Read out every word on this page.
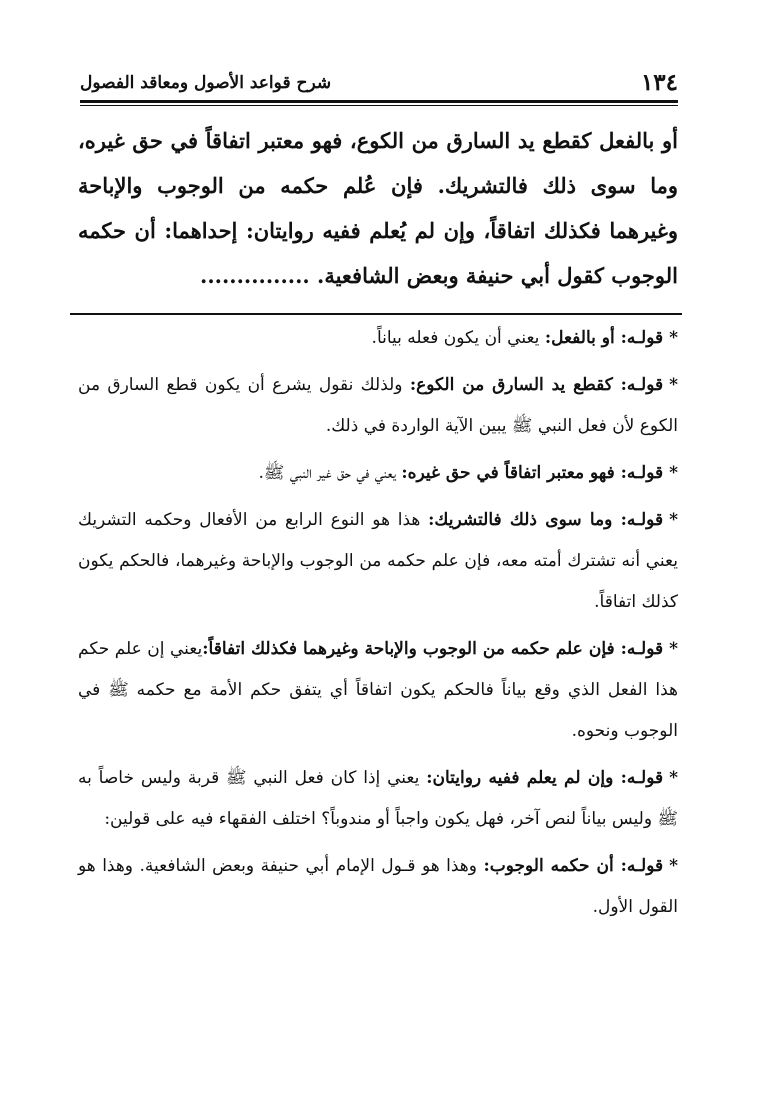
١٣٤
شرح قواعد الأصول ومعاقد الفصول

أو بالفعل كقطع يد السارق من الكوع، فهو معتبر اتفاقاً في حق غيره، وما سوى ذلك فالتشريك. فإن عُلم حكمه من الوجوب والإباحة وغيرهما فكذلك اتفاقاً، وإن لم يُعلم ففيه روايتان: إحداهما: أن حكمه الوجوب كقول أبي حنيفة وبعض الشافعية. ...............

*قولـه: أو بالفعل: يعني أن يكون فعله بياناً.

*قولـه: كقطع يد السارق من الكوع: ولذلك نقول يشرع أن يكون قطع السارق من الكوع لأن فعل النبي ﷺ يبين الآية الواردة في ذلك.

*قولـه: فهو معتبر اتفاقاً في حق غيره: يعني في حق غير النبي ﷺ.

*قولـه: وما سوى ذلك فالتشريك: هذا هو النوع الرابع من الأفعال وحكمه التشريك يعني أنه تشترك أمته معه، فإن علم حكمه من الوجوب والإباحة وغيرهما، فالحكم يكون كذلك اتفاقاً.

*قولـه: فإن علم حكمه من الوجوب والإباحة وغيرهما فكذلك اتفاقاً:يعني إن علم حكم هذا الفعل الذي وقع بياناً فالحكم يكون اتفاقاً أي يتفق حكم الأمة مع حكمه ﷺ في الوجوب ونحوه.

*قولـه: وإن لم يعلم ففيه روايتان: يعني إذا كان فعل النبي ﷺ قربة وليس خاصاً به ﷺ وليس بياناً لنص آخر، فهل يكون واجباً أو مندوباً؟ اختلف الفقهاء فيه على قولين:

*قولـه: أن حكمه الوجوب: وهذا هو قـول الإمام أبي حنيفة وبعض الشافعية. وهذا هو القول الأول.
